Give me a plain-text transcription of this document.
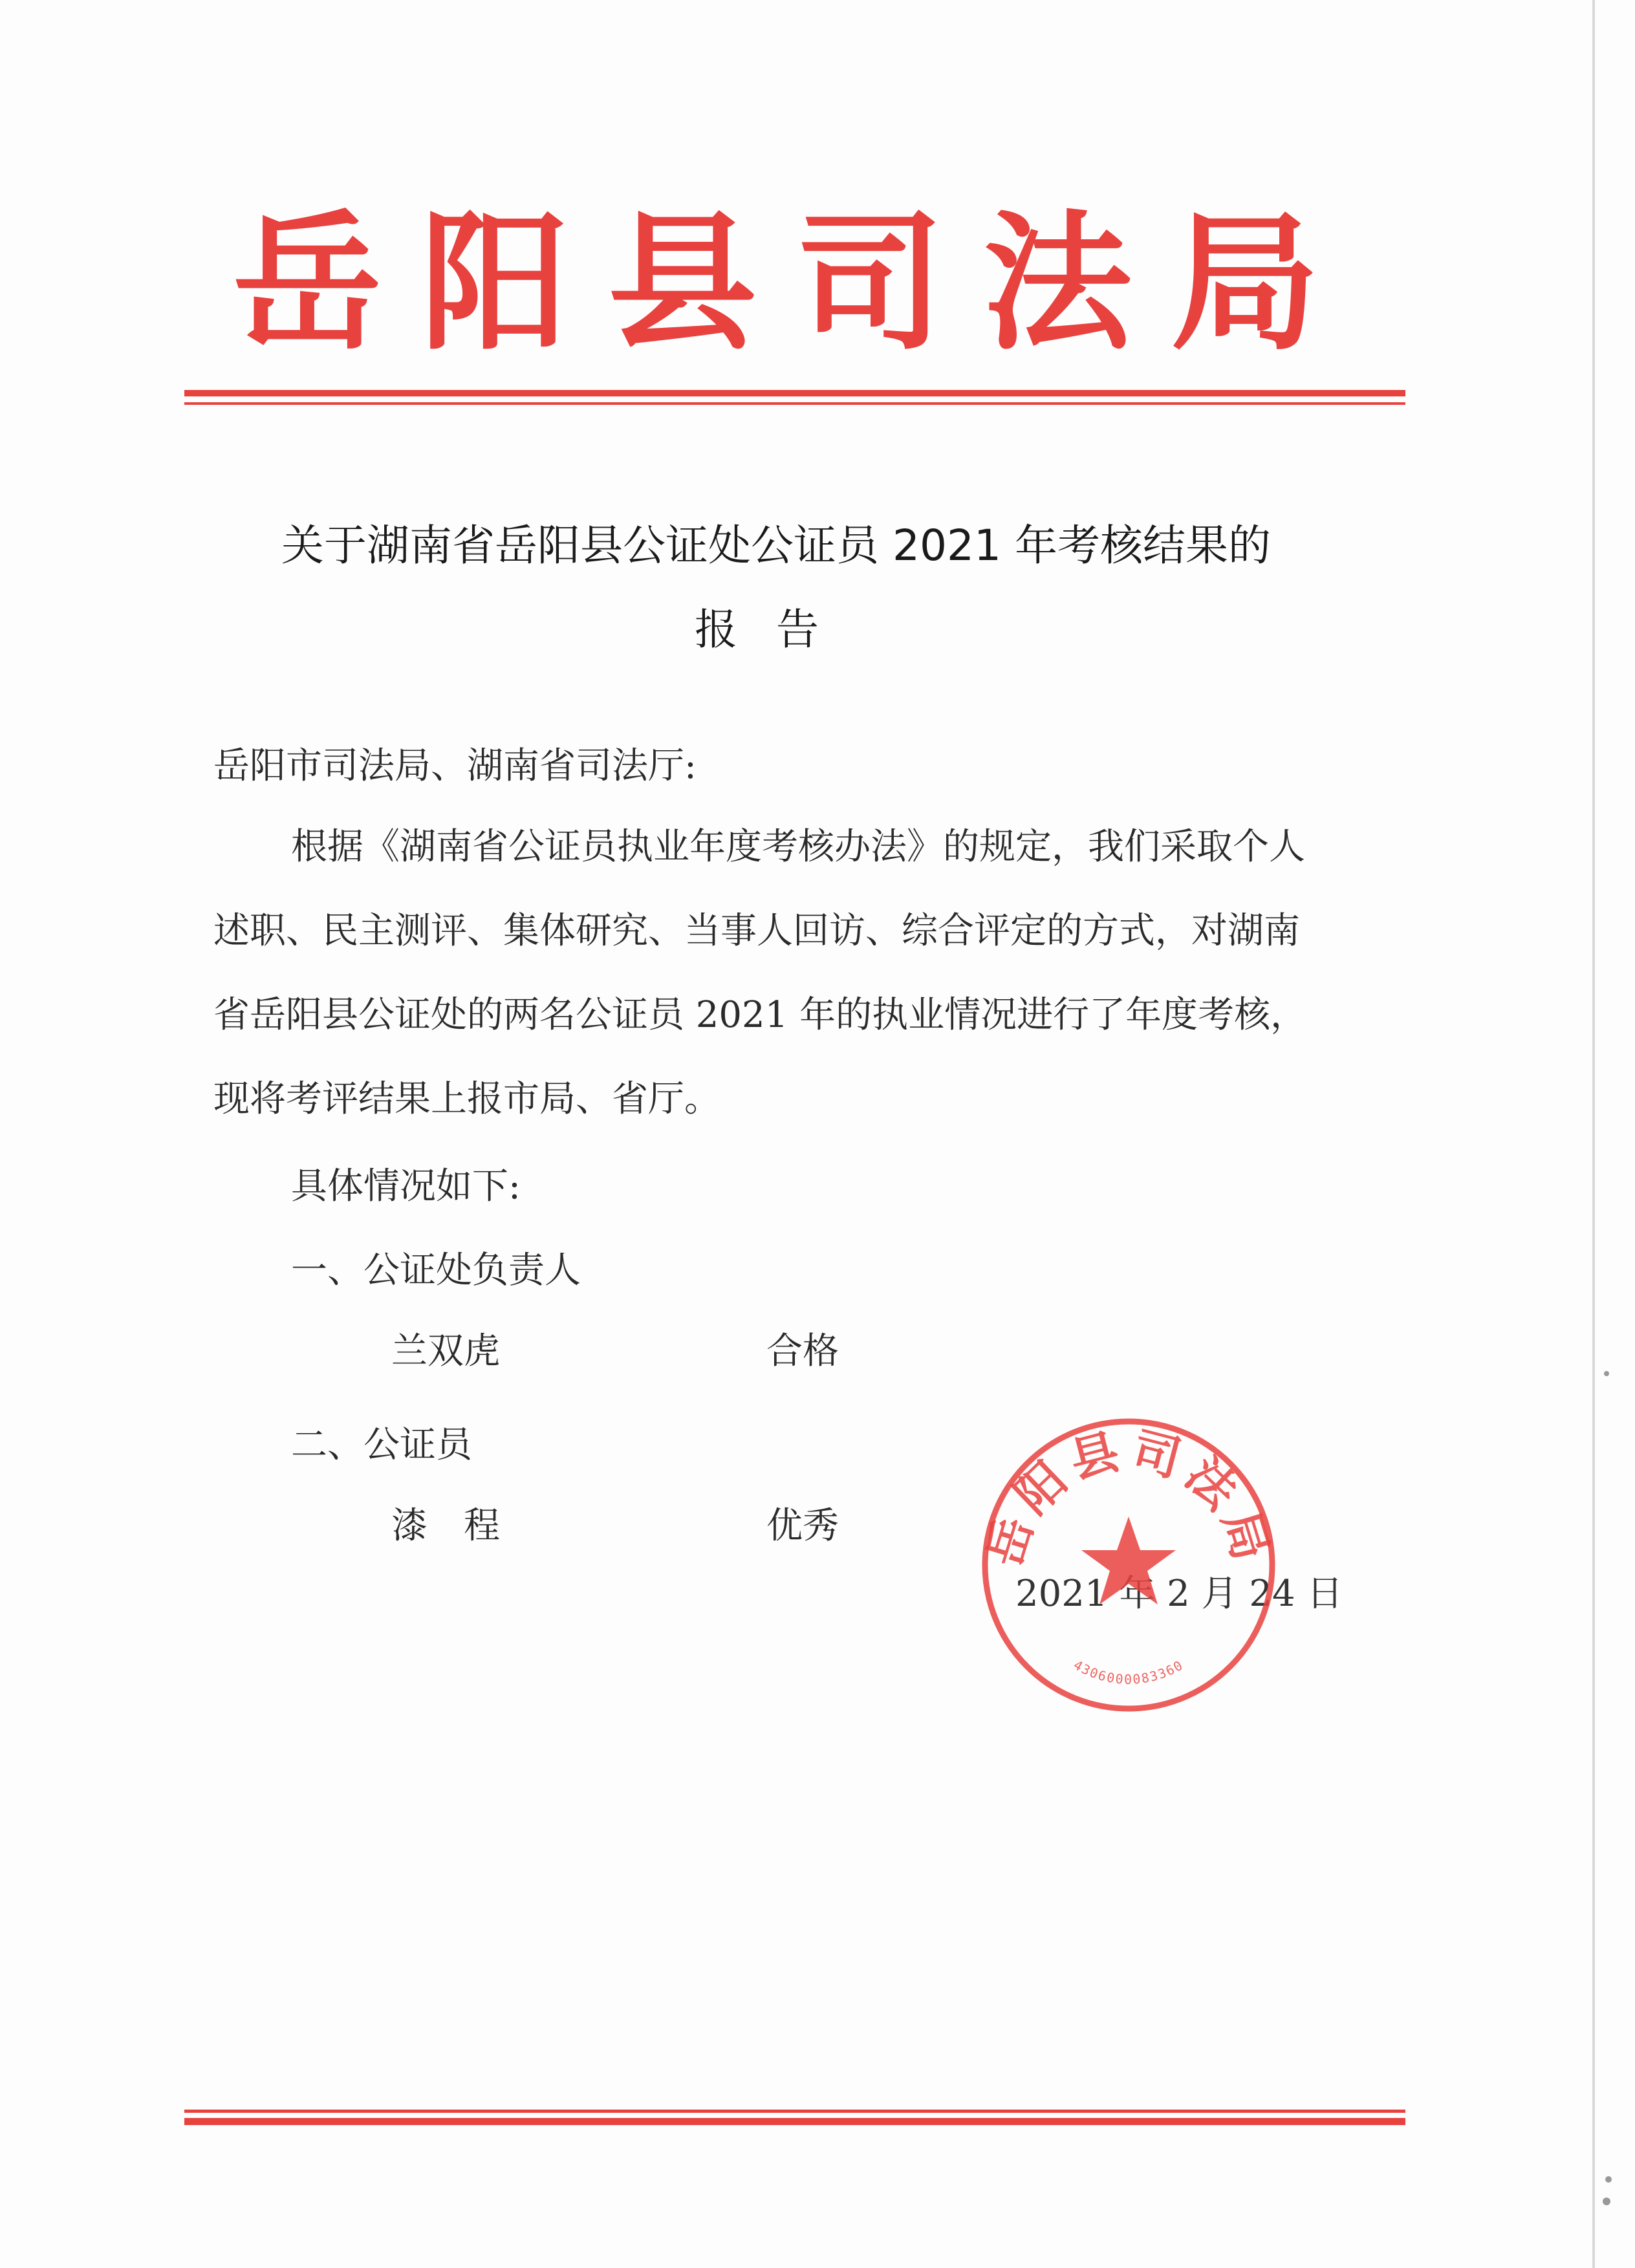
岳阳县司法局
关于湖南省岳阳县公证处公证员 2021 年考核结果的
报告
岳阳市司法局、湖南省司法厅:
根据《湖南省公证员执业年度考核办法》的规定，我们采取个人
述职、民主测评、集体研究、当事人回访、综合评定的方式，对湖南
省岳阳县公证处的两名公证员 2021 年的执业情况进行了年度考核，
现将考评结果上报市局、省厅。
具体情况如下:
一、公证处负责人
兰双虎	合格
二、公证员
漆程	优秀
2021 年 2 月 24 日
岳阳县司法局
4306000083360
